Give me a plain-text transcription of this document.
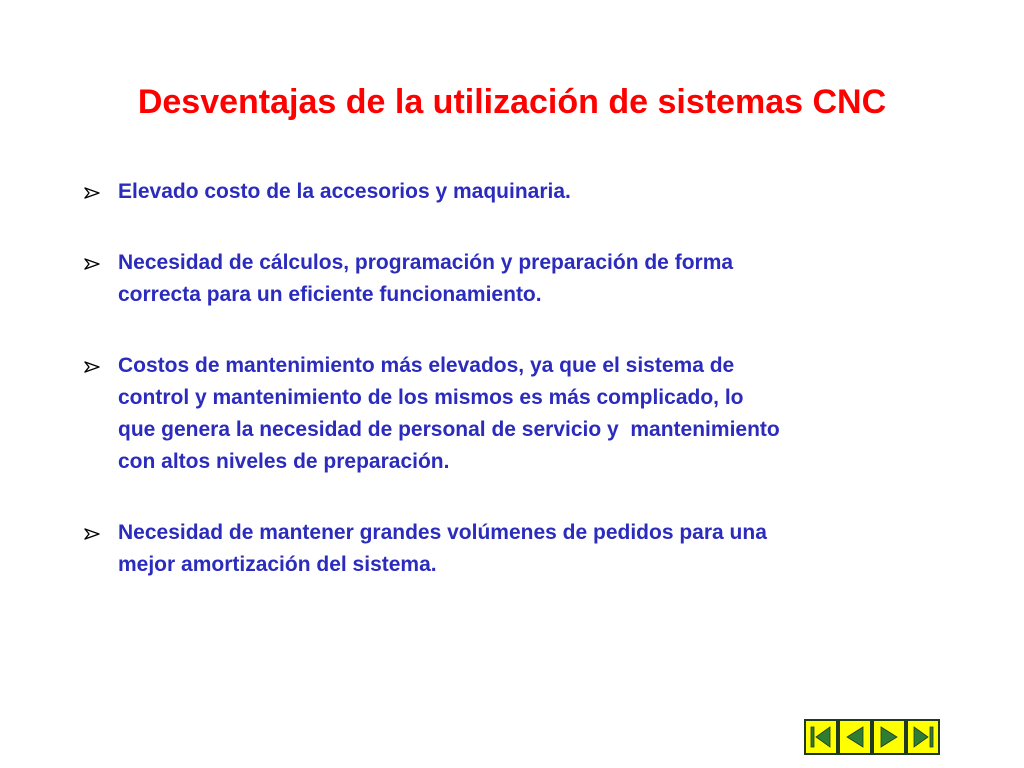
Desventajas de la utilización de sistemas CNC
Elevado costo de la accesorios y maquinaria.
Necesidad de cálculos, programación y preparación de forma
correcta para un eficiente funcionamiento.
Costos de mantenimiento más elevados, ya que el sistema de
control y mantenimiento de los mismos es más complicado, lo
que genera la necesidad de personal de servicio y  mantenimiento
con altos niveles de preparación.
Necesidad de mantener grandes volúmenes de pedidos para una
mejor amortización del sistema.
